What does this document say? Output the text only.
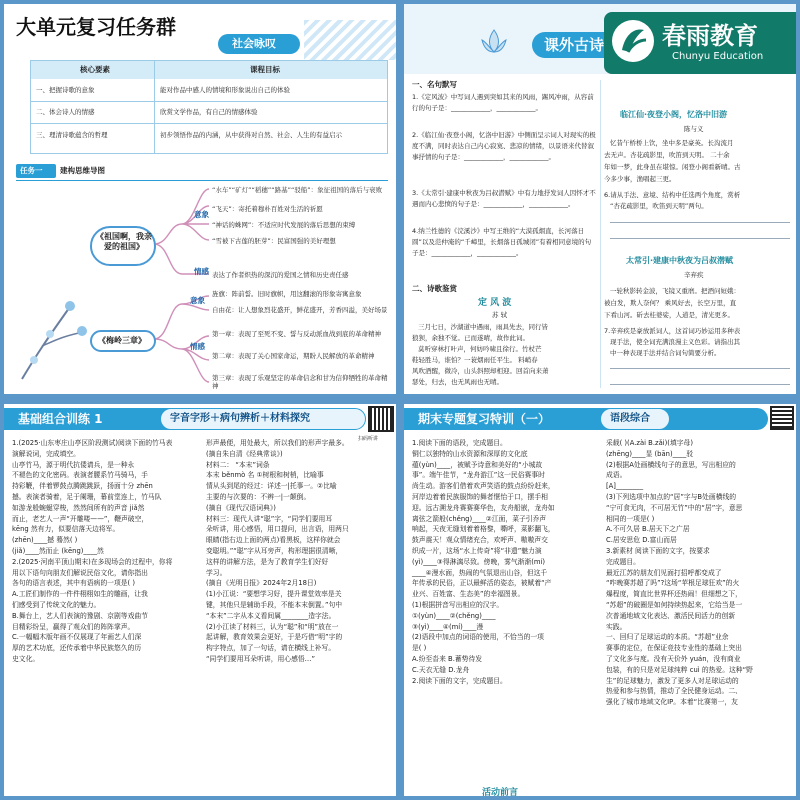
大单元复习任务群
社会咏叹
核心要素	课程目标
一、把握诗歌的意象	能对作品中感人的情境和形象说出自己的体验
二、体会诗人的情感	欣赏文学作品，有自己的情感体验
三、理清诗歌蕴含的哲理	初步领悟作品的内涵，从中获得对自然、社会、人生的有益启示
任务一 建构思维导图
《祖国啊，我亲爱的祖国》
《梅岭三章》
意象
情感
意象
情感
“水车”“矿灯”“稻穗”“路基”“驳船”：象征祖国的落后与衰败
“飞天”：寄托着穆朴百姓对生活的祈愿
“神话的蛛网”：不适应时代发展的落后思想的束缚
“雪被下古莲的胚芽”：民富国强的美好理想
表达了作者炽热的深沉的爱国之情和历史责任感
旌旗：阵前誓。旧时旗帜，用这翻滚的形象寄寓意象
自由花：让人想象烈花盛开，鲜花盛开，芳香四溢，美好场景
第一章：表现了至死不变、誓与反动派血战到底的革命精神
第二章：表现了关心国家命运，期盼人民解放的革命精神
第三章：表现了乐观坚定的革命信念和甘为信仰牺牲的革命精神
课外古诗 春雨教育
Chunyu Education
一、名句默写
1.《定风波》中写词人遇到突如其来的风雨，踢风冲雨，从容前行的句子是：____________，____________。
2.《临江仙·夜登小阁，忆洛中旧游》中侧面呈示词人对现实的极度不满，同时表达自己内心寂寞、悲凉的情绪，以景语来代替叙事抒情的句子是：____________，____________。
3.《太常引·建康中秋夜为吕叔潜赋》中有力地抒发词人因怀才不遇而内心悲愤的句子是：____________，____________。
4.纳兰性德的《浣溪沙》中写王维的“大漠孤烟直，长河落日圆”以及范仲淹的“千嶂里，长烟落日孤城闭”有着相同意境的句子是：____________，____________。
二、诗歌鉴赏
定 风 波
苏 轼
三月七日，沙湖道中遇雨，雨具先去，同行皆
狼狈，余独不觉。已而遂晴，故作此词。
莫听穿林打叶声，何妨吟啸且徐行。竹杖芒
鞋轻胜马，谁怕？一蓑烟雨任平生。 料峭春
风吹酒醒，微冷，山头斜照却相迎。回首向来萧
瑟处，归去，也无风雨也无晴。
临江仙·夜登小阁，忆洛中旧游
陈与义
忆昔午桥桥上饮，坐中多是豪英。长沟流月
去无声。杏花疏影里，吹笛到天明。 二十余
年如一梦，此身虽在堪惊。闲登小阁看新晴。古
今多少事，渔唱起三更。
6.请从手法、意境、结构中任选两个角度，赏析
“杏花疏影里，吹笛到天明”两句。
太常引·建康中秋夜为吕叔潜赋
辛弃疾
一轮秋影转金波，飞镜又重磨。把酒问姮娥：
被白发，欺人奈何？ 乘风好去，长空万里，直
下看山河。斫去桂婆娑，人道是，清光更多。
7.辛弃疾是豪放派词人，这首词巧妙运用多种表
现手法，使全词充满浪漫主义色彩。请指出其
中一种表现手法并结合词句简要分析。
基础组合训练 1	字音字形＋病句辨析＋材料探究
扫码听讲
1.(2025·山东枣庄山亭区阶段测试)阅读下面的竹马表
演解说词，完成填空。
山亭竹马，源于明代抗倭请兵，是一种永
不褪色的文化密码。表演者腰系竹马骑马，手
持彩鞭，伴着锣鼓点腾跳跳跃，扬面十分 zhēn
撼。表演者骑着，足于阑珊，幕前堂连上，竹马队
如游龙般蜿蜒穿梭，然然间所有的声音 jiǎ然
而止，老艺人一声“开雕喽——”，鞭声破空，
kēng 然有力，似要信落天边将军。
(zhēn)____撼 蓦然( )
(jiǎ)____然而止 (kēng)____然
2.(2025·河南平顶山期末)在多现场会的过程中，你将
用以下语句向朋友们解说民俗文化，请你指出
各句的语言表述，其中有语病的一项是( )
A.工匠们制作的一件件栩栩如生的雕画，让我
们感受到了传统文化的魅力。
B.舞台上，艺人们表演的豫剧、京剧等戏曲节
目精彩纷呈，赢得了观众们的阵阵掌声。
C.一幅幅木版年画不仅展现了年画艺人们深
厚的艺术功底，还传承着中华民族悠久的历
史文化。
形声最便，用处最大，所以我们的形声字最多。
(摘自朱自清《经典常谈》)
材料二： “本末”词条
本末 běnmò 名 ①树根和树梢，比喻事
情从头到尾的经过：详述一|托事一。②比喻
主要的与次要的：不辨一|一颠倒。
(摘自《现代汉语词典》)
材料三：现代人讲“聪”字，“同学们要用耳
朵听讲，用心感悟，用口提问，出言语，用两只
眼睛(指右边上面的两点)看黑板，这样你就会
变聪明。”“聪”字从耳旁声，构形理据很清晰，
这样的讲解方法，是为了教育学生们好好
学习。
(摘自《光明日报》2024年2月18日)
(1)小江说：“要想学习好，提升课堂效率是关
键，其他只是辅助手段，不能本末倒置。”句中
“本末”二字从本义看间属________造字法。
(2)小江读了材料三，认为“聪”和“明”放在一
起讲解，教育效果会更好，于是巧借“明”字的
构字特点，加了一句话，请在横线上补写。
“同学们要用耳朵听讲，用心感悟…”
期末专题复习特训（一）	语段综合
1.阅读下面的语段，完成题目。
铜仁以独特的山水资源和深厚的文化底
蕴(yùn)____，被赋予诗意和美好的“小城故
事”。端午佳节，“龙舟游江”这一民俗赛事时
尚生动。游客们借着欢声笑语的鼓点纷纷赶来，
河岸边着着民族服饰的舞者惬怡于口，摆手相
迎。远古溯龙舟赛赛赛华色，友舟船嵌，龙舟如
离弦之箭般(chěng)____②江面，菜子引乔声
响起，天夜无缝划着着格黎，嘶呼，菜影翻飞，
鼓声震天！观众情绪充合，欢呼声、嗷嗷声交
织成一片，这场“水上传奇”将“非遗”魅力演
(yì)____③得淋漓尽致。傍晚，雾气渐渐(mí)
____④漫水面，热闹的气氛退出山谷，但这千
年传承的民俗，正以最鲜活的姿态，被赋着“产
业兴、百姓富、生态美”的幸福图景。
(1)根据拼音写出相应的汉字。
①(yùn)____②(chěng)____
③(yì)____④(mí)____漫
(2)语段中加点的词语的使用，不恰当的一项
是( )
A.纷至沓来 B.蓄势待发
C.天衣无缝 D.龙舟
2.阅读下面的文字，完成题目。
活动前言
采载( )(A.zài B.zǎi)(填字母)
(zhēng)____显 (bān)____驳
(2)根据A处画横线句子的意思，写出相应的
成语。
[A]________
(3)下列选项中加点的“居”字与B处画横线的
“宁可食无肉，不可居无竹”中的“居”字，意思
相同的一项是( )
A.不可久居 B.居天下之广居
C.居安思危 D.富山而居
3.新素材 阅读下面的文字，按要求
完成题目。
最近江苏的朋友们见面打招呼都变成了
“咋晚赛苏超了吗”?这场“苹根足球狂欢”的火
爆程度，简直比世界杯还热闹！但细想之下，
“苏超”的破圈是如何持续热起来，它给当是一
次普通地域文化表达、激活民间活力的创新
实践。
一、回归了足球运动的本质。“苏超”业余
赛事的定位，在保证竞技专业性的基础上突出
了文化多与度。没有天价外 yuán，没有商业
包装，有的只是对足球纯粹 cuì 的热爱。这种“野
生”的足球魅力，激发了更多人对足球运动的
热爱和参与热情，推动了全民健身运动。二、
强化了城市地域文化IP。本着“比赛第一，友
